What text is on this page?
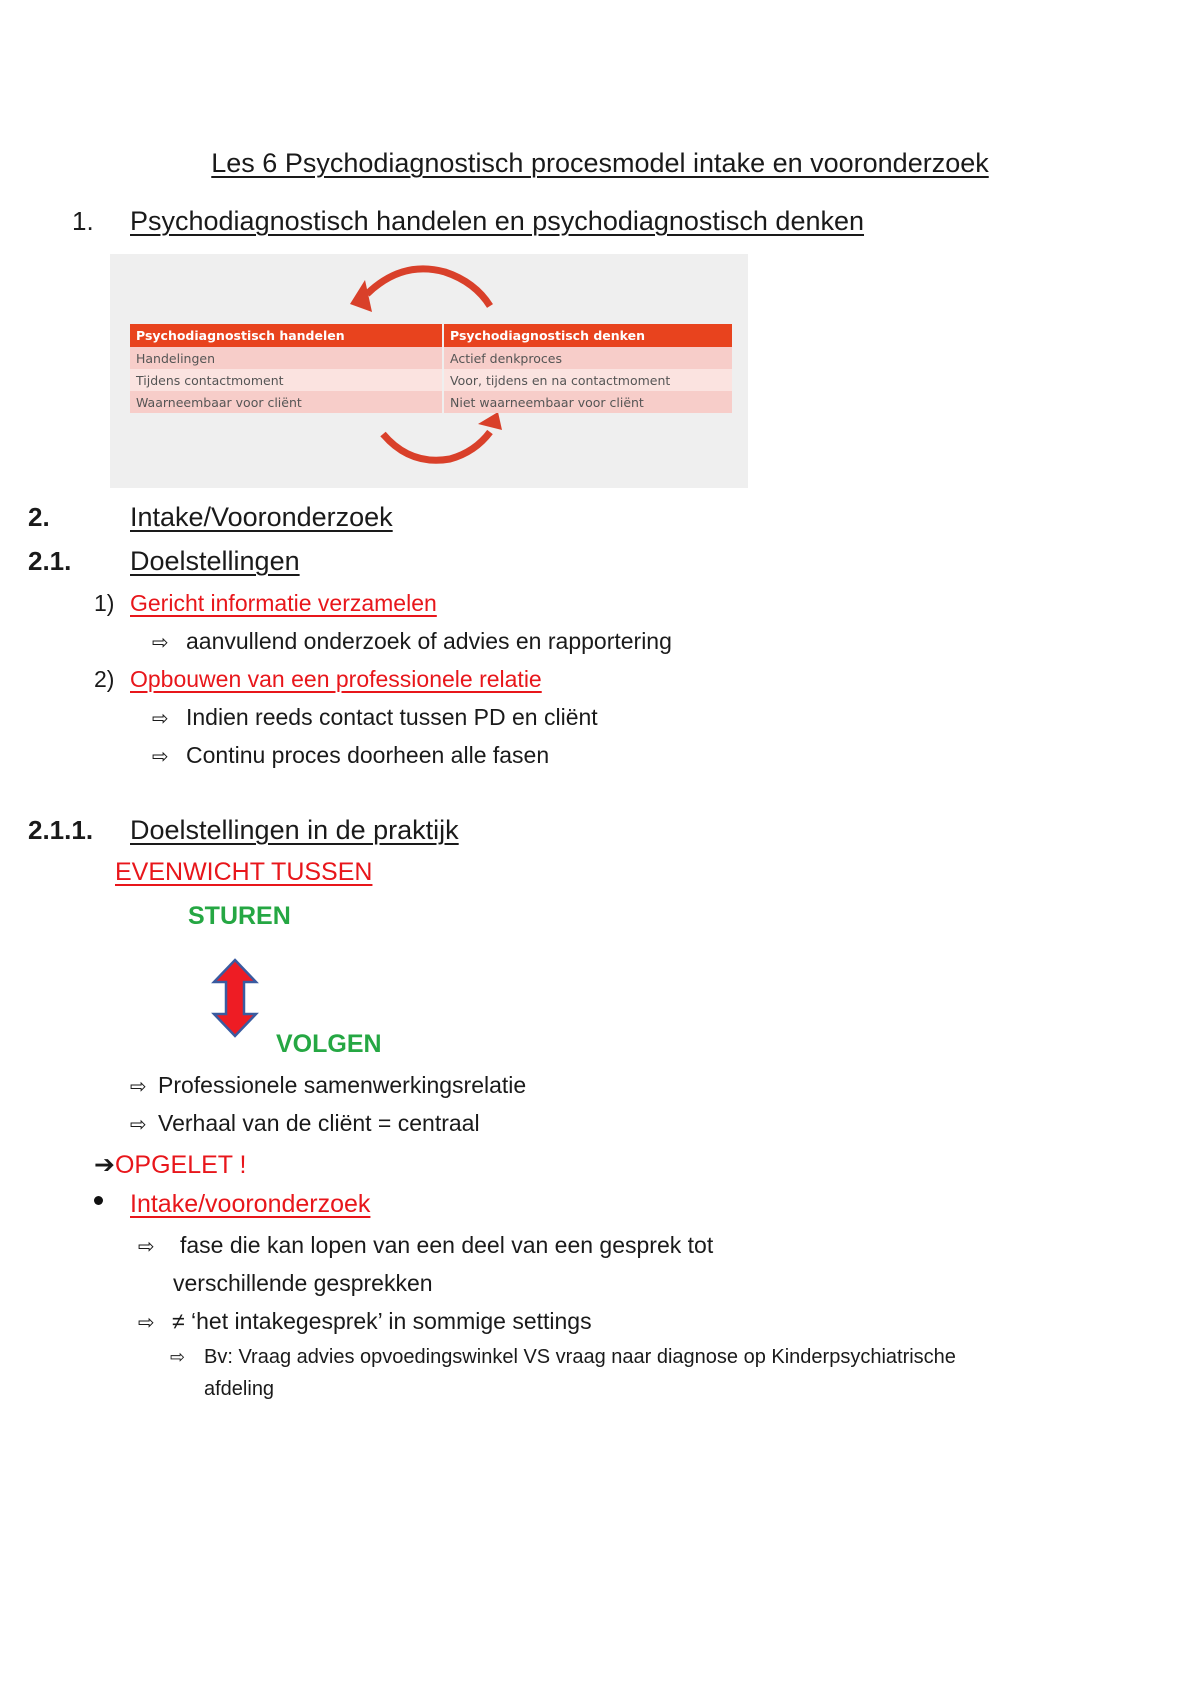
Les 6 Psychodiagnostisch procesmodel intake en vooronderzoek
1. Psychodiagnostisch handelen en psychodiagnostisch denken
Psychodiagnostisch handelen	Psychodiagnostisch denken
Handelingen	Actief denkproces
Tijdens contactmoment	Voor, tijdens en na contactmoment
Waarneembaar voor cliënt	Niet waarneembaar voor cliënt
2.	Intake/Vooronderzoek
2.1. Doelstellingen
1) Gericht informatie verzamelen
⇨ aanvullend onderzoek of advies en rapportering
2) Opbouwen van een professionele relatie
⇨ Indien reeds contact tussen PD en cliënt
⇨ Continu proces doorheen alle fasen
2.1.1. Doelstellingen in de praktijk
EVENWICHT TUSSEN
STUREN
VOLGEN
⇨ Professionele samenwerkingsrelatie
⇨ Verhaal van de cliënt = centraal
➔OPGELET !
Intake/vooronderzoek
⇨ fase die kan lopen van een deel van een gesprek tot
verschillende gesprekken
⇨ ≠ ‘het intakegesprek’ in sommige settings
⇨ Bv: Vraag advies opvoedingswinkel VS vraag naar diagnose op Kinderpsychiatrische
afdeling
